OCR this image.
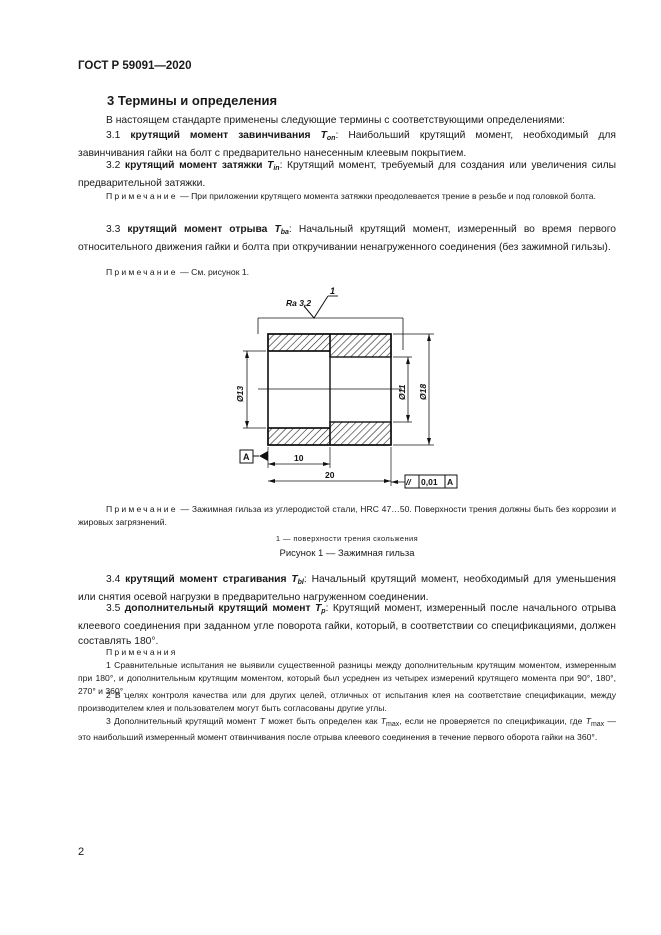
ГОСТ Р 59091—2020
3 Термины и определения
В настоящем стандарте применены следующие термины с соответствующими определениями:
3.1 крутящий момент завинчивания $T_{on}$: Наибольший крутящий момент, необходимый для завинчивания гайки на болт с предварительно нанесенным клеевым покрытием.
3.2 крутящий момент затяжки $T_{in}$: Крутящий момент, требуемый для создания или увеличения силы предварительной затяжки.
Примечание — При приложении крутящего момента затяжки преодолевается трение в резьбе и под головкой болта.
3.3 крутящий момент отрыва $T_{ba}$: Начальный крутящий момент, измеренный во время первого относительного движения гайки и болта при откручивании ненагруженного соединения (без зажимной гильзы).
Примечание — См. рисунок 1.
Ra 3,2
1
Ø13	Ø11 Ø18
10
20
A
// 0,01 A
Примечание — Зажимная гильза из углеродистой стали, HRC 47…50. Поверхности трения должны быть без коррозии и жировых загрязнений.
1 — поверхности трения скольжения
Рисунок 1 — Зажимная гильза
3.4 крутящий момент страгивания $T_{bl}$: Начальный крутящий момент, необходимый для уменьшения или снятия осевой нагрузки в предварительно нагруженном соединении.
3.5 дополнительный крутящий момент $T_p$: Крутящий момент, измеренный после начального отрыва клеевого соединения при заданном угле поворота гайки, который, в соответствии со спецификациями, должен составлять 180°.
Примечания
1 Сравнительные испытания не выявили существенной разницы между дополнительным крутящим моментом, измеренным при 180°, и дополнительным крутящим моментом, который был усреднен из четырех измерений крутящего момента при 90°, 180°, 270° и 360°.
2 В целях контроля качества или для других целей, отличных от испытания клея на соответствие спецификации, между производителем клея и пользователем могут быть согласованы другие углы.
3 Дополнительный крутящий момент T может быть определен как $T_{max}$, если не проверяется по спецификации, где $T_{max}$ — это наибольший измеренный момент отвинчивания после отрыва клеевого соединения в течение первого оборота гайки на 360°.
2
